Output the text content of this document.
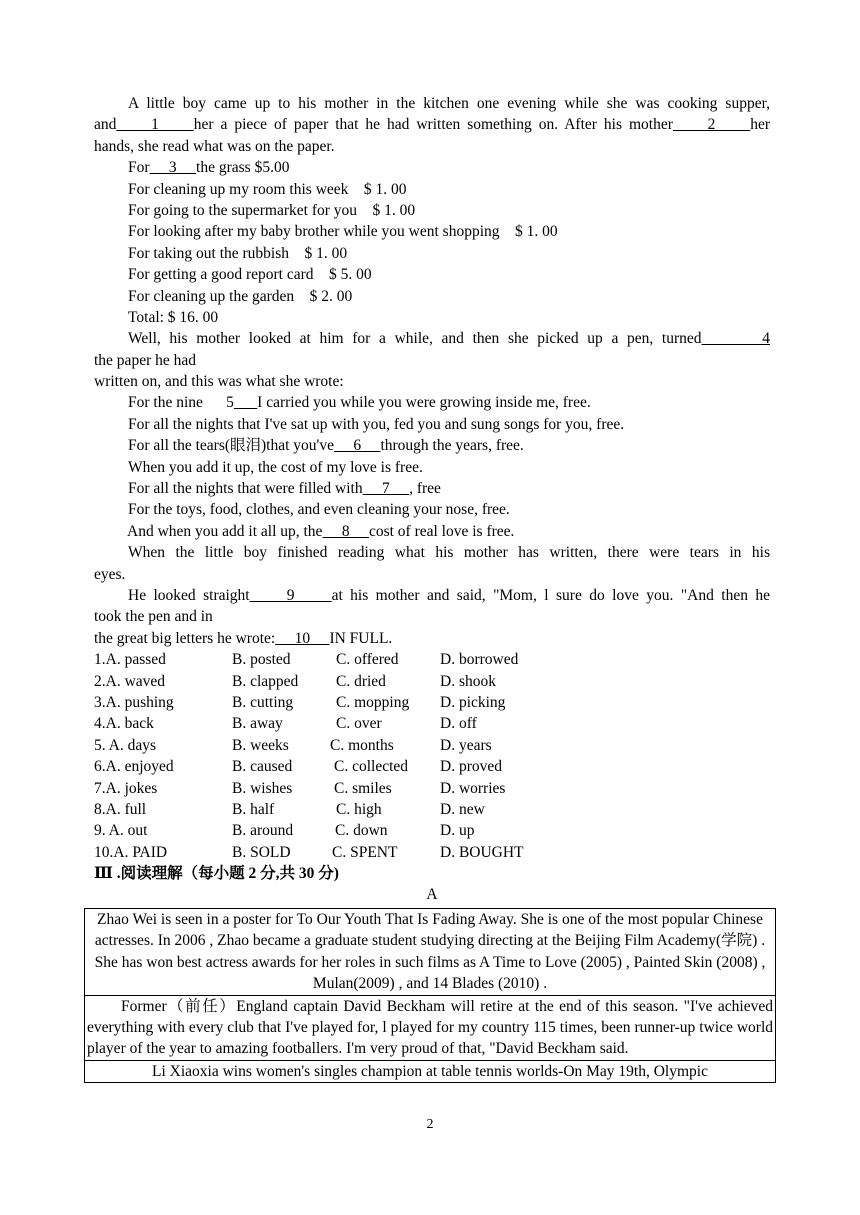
A little boy came up to his mother in the kitchen one evening while she was cooking supper,
and     1     her a piece of paper that he had written something on. After his mother     2     her
hands, she read what was on the paper.
For     3     the grass $5.00
For cleaning up my room this week    $ 1. 00
For going to the supermarket for you    $ 1. 00
For looking after my baby brother while you went shopping    $ 1. 00
For taking out the rubbish    $ 1. 00
For getting a good report card    $ 5. 00
For cleaning up the garden    $ 2. 00
Total: $ 16. 00
Well, his mother looked at him for a while, and then she picked up a pen, turned       4
the paper he had
written on, and this was what she wrote:
For the nine      5 I carried you while you were growing inside me, free.
For all the nights that I've sat up with you, fed you and sung songs for you, free.
For all the tears(眼泪)that you've     6     through the years, free.
When you add it up, the cost of my love is free.
For all the nights that were filled with     7     , free
For the toys, food, clothes, and even cleaning your nose, free.
And when you add it all up, the     8     cost of real love is free.
When the little boy finished reading what his mother has written, there were tears in his
eyes.
He looked straight     9     at his mother and said, "Mom, l sure do love you. "And then he
took the pen and in
the great big letters he wrote:     10     IN FULL.
1.A. passed	B. posted	C. offered	D. borrowed
2.A. waved	B. clapped	C. dried	D. shook
3.A. pushing	B. cutting	C. mopping	D. picking
4.A. back	B. away	C. over	D. off
5. A. days	B. weeks	C. months	D. years
6.A. enjoyed	B. caused	C. collected	D. proved
7.A. jokes	B. wishes	C. smiles	D. worries
8.A. full	B. half	C. high	D. new
9. A. out	B. around	C. down	D. up
10.A. PAID	B. SOLD	C. SPENT	D. BOUGHT
Ⅲ .阅读理解（每小题 2 分,共 30 分)
A
Zhao Wei is seen in a poster for To Our Youth That Is Fading Away. She is one of the most popular Chinese actresses. In 2006 , Zhao became a graduate student studying directing at the Beijing Film Academy(学院) . She has won best actress awards for her roles in such films as A Time to Love (2005) , Painted Skin (2008) , Mulan(2009) , and 14 Blades (2010) .
Former（前任）England captain David Beckham will retire at the end of this season. "I've achieved everything with every club that I've played for, l played for my country 115 times, been runner-up twice world player of the year to amazing footballers. I'm very proud of that, "David Beckham said.
Li Xiaoxia wins women's singles champion at table tennis worlds-On May 19th, Olympic
2
